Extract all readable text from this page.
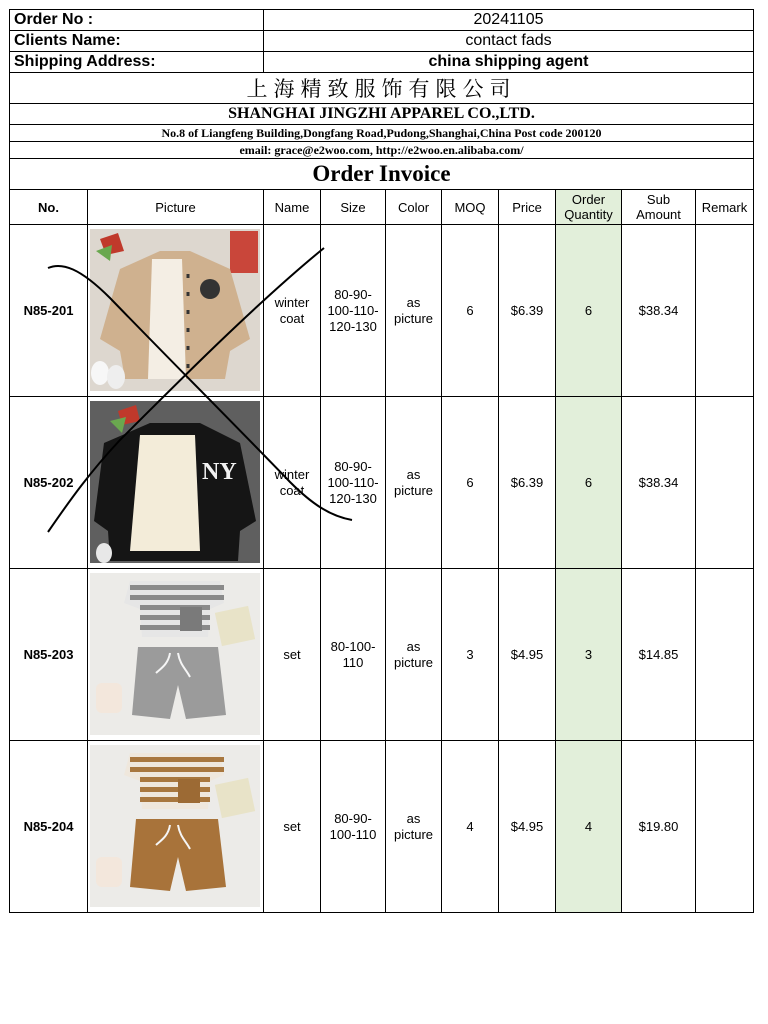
Order No :		20241105							
Clients Name:		contact fads							
Shipping Address:		china shipping agent							
上海精致服饰有限公司									
SHANGHAI JINGZHI APPAREL CO.,LTD.									
No.8 of Liangfeng Building,Dongfang Road,Pudong,Shanghai,China Post code 200120									
email: grace@e2woo.com, http://e2woo.en.alibaba.com/									
Order Invoice									
No.	Picture	Name	Size	Color	MOQ	Price	Order
Quantity	Sub
Amount	Remark
N85-201		winter
coat	80-90-
100-110-
120-130	as
picture	6	$6.39	6	$38.34	
N85-202	NY	winter
coat	80-90-
100-110-
120-130	as
picture	6	$6.39	6	$38.34	
N85-203		set	80-100-
110	as
picture	3	$4.95	3	$14.85	
N85-204		set	80-90-
100-110	as
picture	4	$4.95	4	$19.80	
